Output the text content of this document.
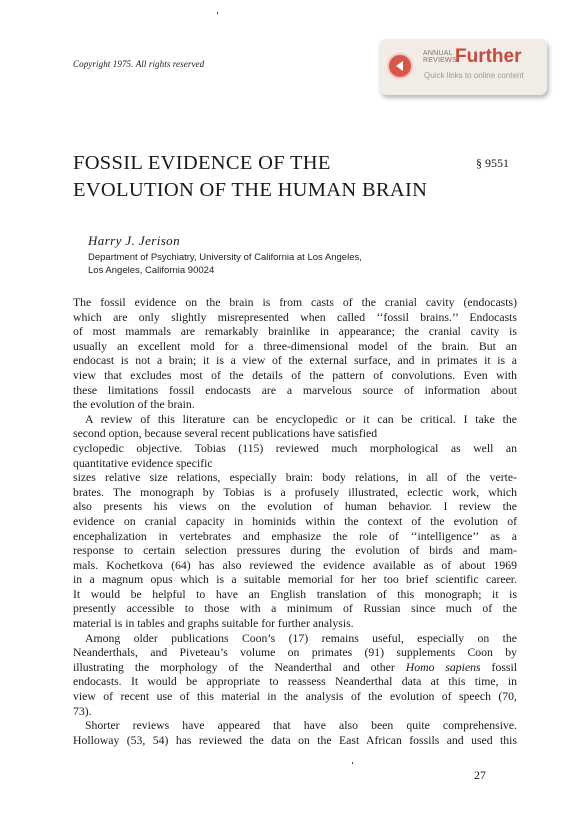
Copyright 1975. All rights reserved
ANNUAL
REVIEWS
Further
Quick links to online content
FOSSIL EVIDENCE OF THE
EVOLUTION OF THE HUMAN BRAIN
§ 9551
Harry J. Jerison
Department of Psychiatry, University of California at Los Angeles,
Los Angeles, California 90024

The fossil evidence on the brain is from casts of the cranial cavity (endocasts)

which are only slightly misrepresented when called ‘‘fossil brains.’’ Endocasts

of most mammals are remarkably brainlike in appearance; the cranial cavity is

usually an excellent mold for a three-dimensional model of the brain. But an

endocast is not a brain; it is a view of the external surface, and in primates it is a

view that excludes most of the details of the pattern of convolutions. Even with

these limitations fossil endocasts are a marvelous source of information about

the evolution of the brain.

A review of this literature can be encyclopedic or it can be critical. I take the

second option, because several recent publications have satisfied

cyclopedic objective. Tobias (115) reviewed much morphological as well an

quantitative evidence specific

sizes relative size relations, especially brain: body relations, in all of the verte-

brates. The monograph by Tobias is a profusely illustrated, eclectic work, which

also presents his views on the evolution of human behavior. I review the

evidence on cranial capacity in hominids within the context of the evolution of

encephalization in vertebrates and emphasize the role of ‘‘intelligence’’ as a

response to certain selection pressures during the evolution of birds and mam-

mals. Kochetkova (64) has also reviewed the evidence available as of about 1969

in a magnum opus which is a suitable memorial for her too brief scientific career.

It would be helpful to have an English translation of this monograph; it is

presently accessible to those with a minimum of Russian since much of the

material is in tables and graphs suitable for further analysis.

Among older publications Coon’s (17) remains useful, especially on the

Neanderthals, and Piveteau’s volume on primates (91) supplements Coon by

illustrating the morphology of the Neanderthal and other Homo sapiens fossil

endocasts. It would be appropriate to reassess Neanderthal data at this time, in

view of recent use of this material in the analysis of the evolution of speech (70,

73).

Shorter reviews have appeared that have also been quite comprehensive.

Holloway (53, 54) has reviewed the data on the East African fossils and used this

27
